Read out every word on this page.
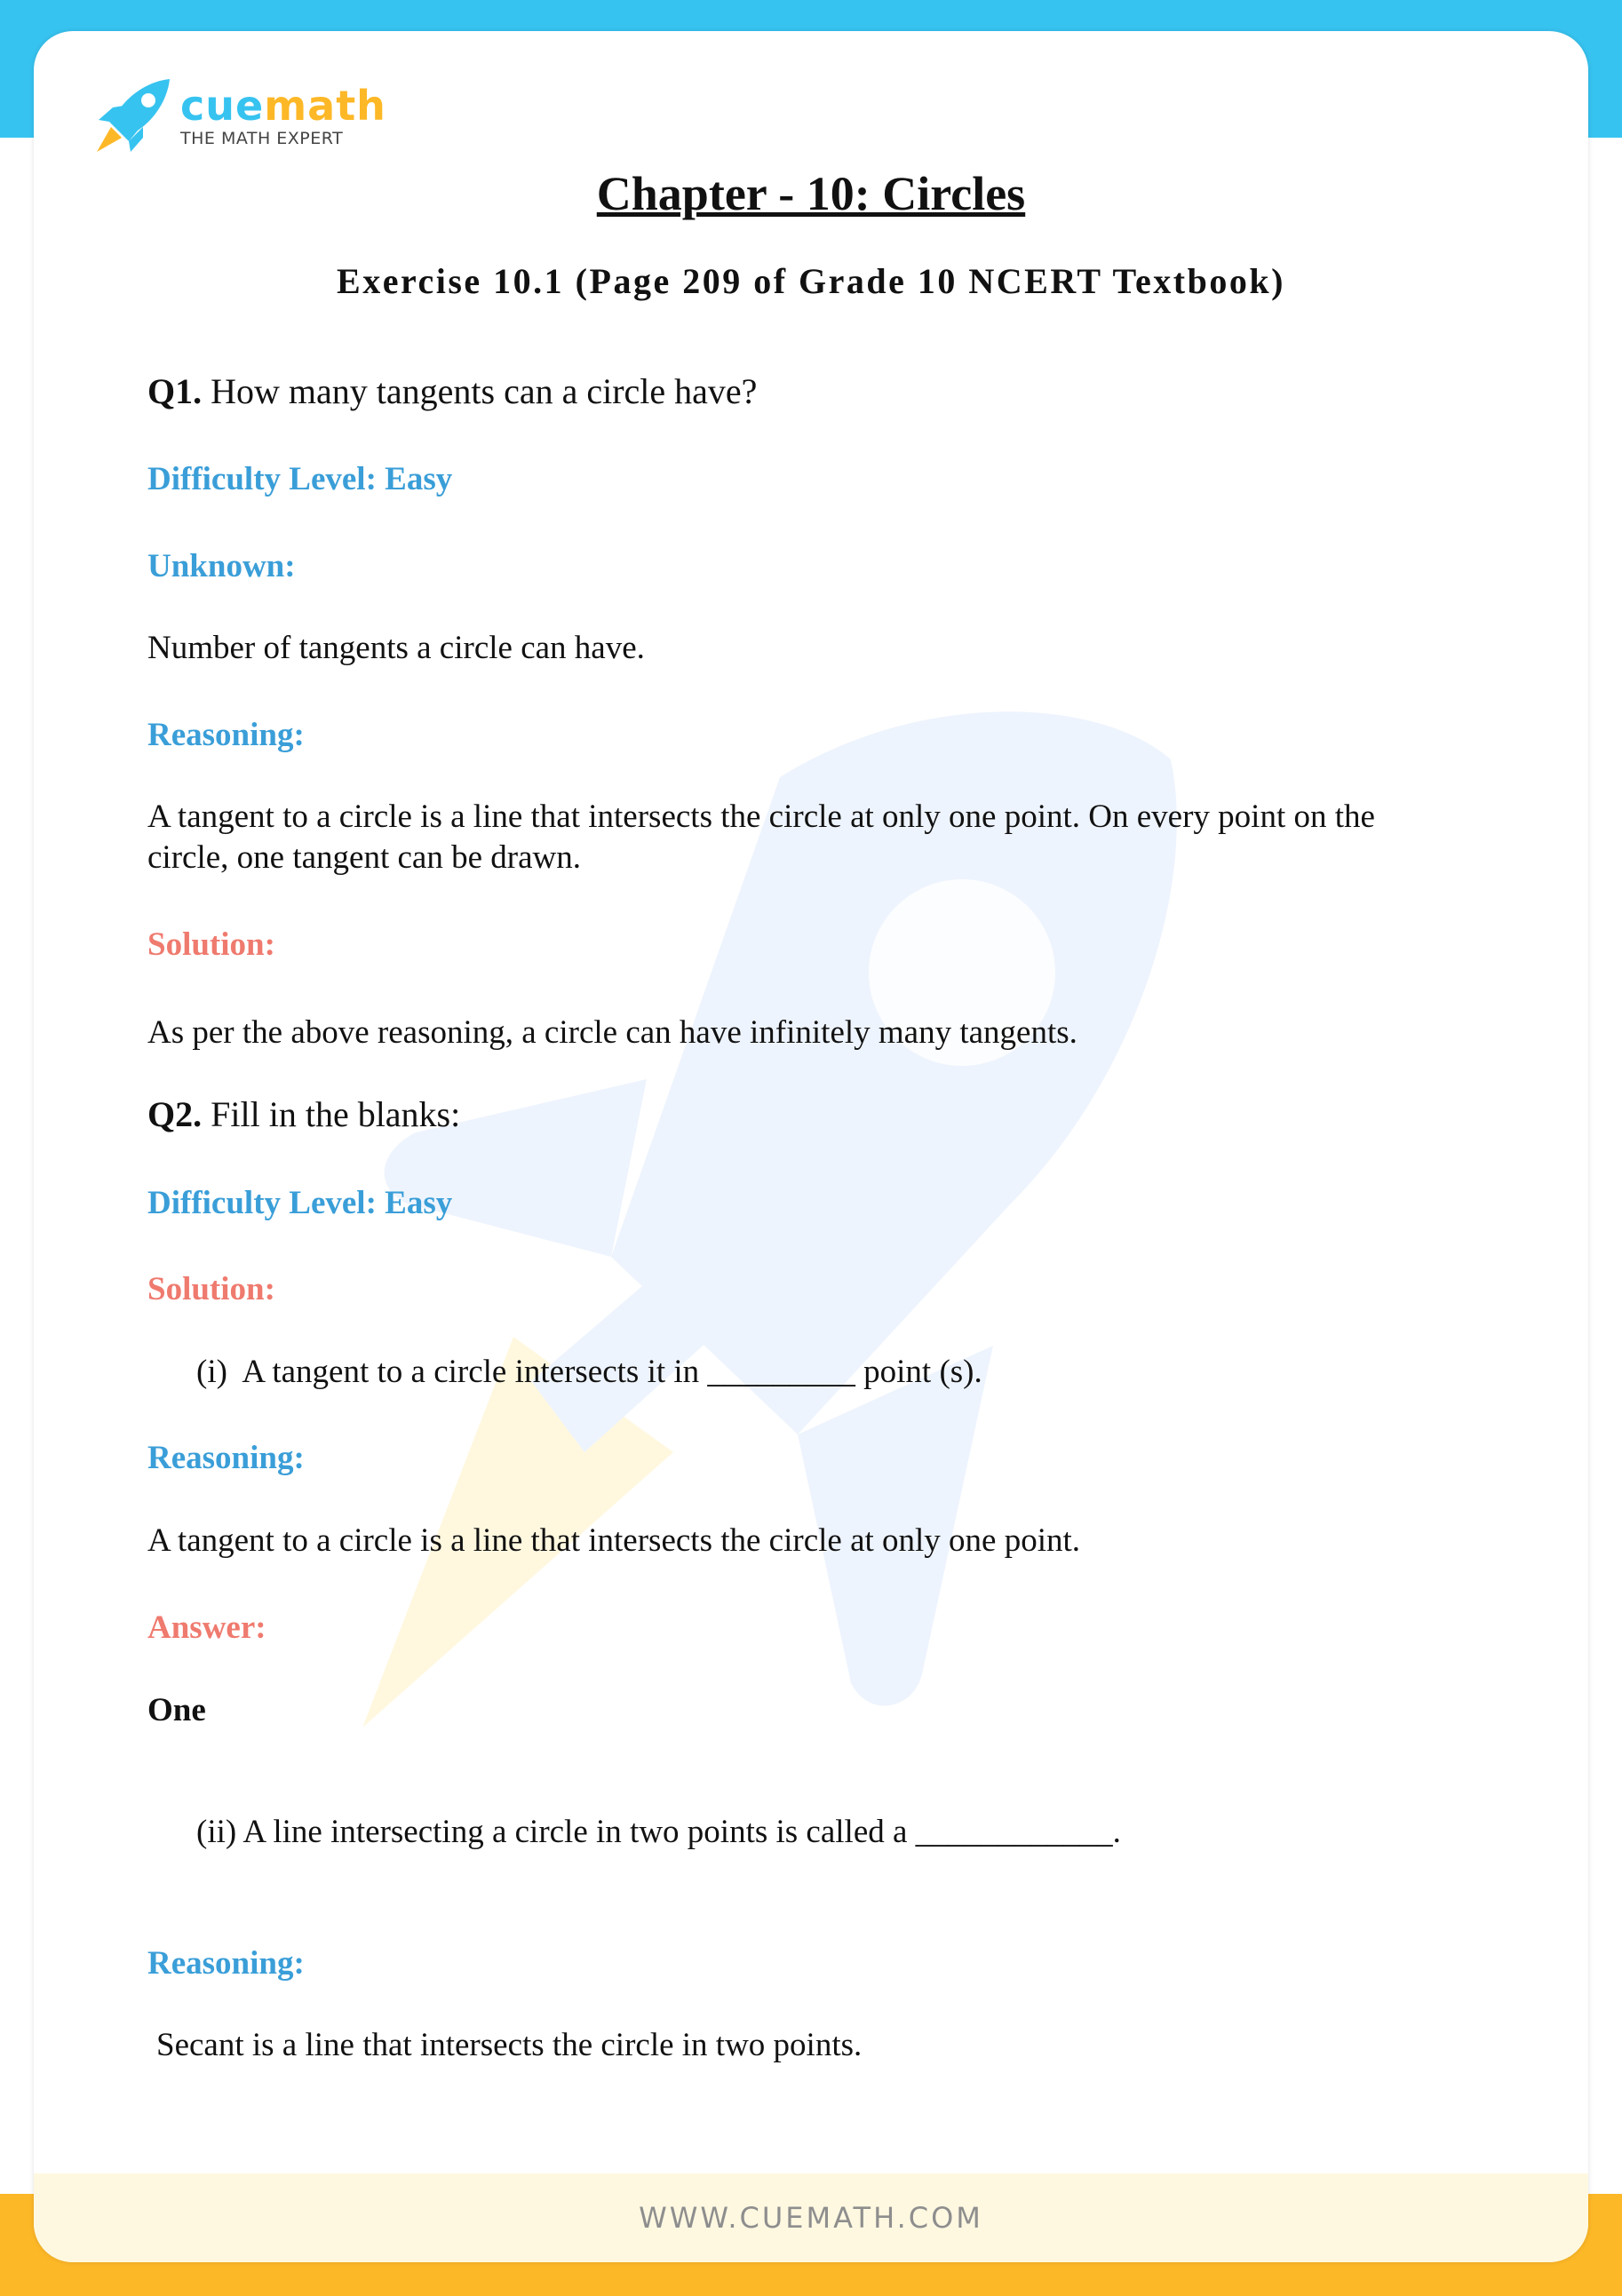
cuemath
THE MATH EXPERT
Chapter - 10: Circles
Exercise 10.1 (Page 209 of Grade 10 NCERT Textbook)

Q1. How many tangents can a circle have?

Difficulty Level: Easy

Unknown:

Number of tangents a circle can have.

Reasoning:

A tangent to a circle is a line that intersects the circle at only one point. On every point on the circle, one tangent can be drawn.

Solution:

As per the above reasoning, a circle can have infinitely many tangents.

Q2. Fill in the blanks:

Difficulty Level: Easy

Solution:

(i) A tangent to a circle intersects it in _________ point (s).

Reasoning:

A tangent to a circle is a line that intersects the circle at only one point.

Answer:

One

(ii) A line intersecting a circle in two points is called a ____________.

Reasoning:

Secant is a line that intersects the circle in two points.

WWW.CUEMATH.COM
